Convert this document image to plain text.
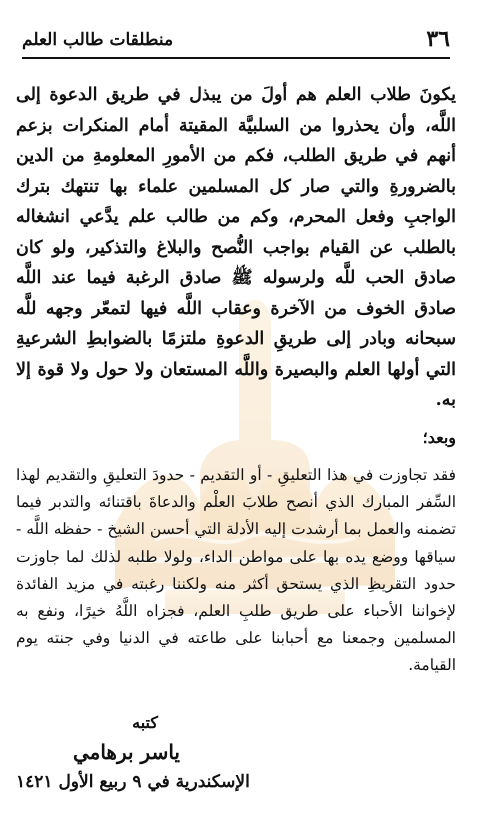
منطلقات طالب العلم	٣٦

يكونَ طلاب العلم هم أولَ من يبذل في طريق الدعوة إلى اللَّه، وأن يحذروا من السلبيَّة المقيتة أمام المنكرات بزعم أنهم في طريق الطلب، فكم من الأمورِ المعلومةِ من الدين بالضرورةِ والتي صار كل المسلمين علماء بها تنتهك بترك الواجبِ وفعل المحرم، وكم من طالب علم يدَّعي انشغاله بالطلب عن القيام بواجب النُّصح والبلاغ والتذكير، ولو كان صادق الحب للَّه ولرسوله ﷺ صادق الرغبة فيما عند اللَّه صادق الخوف من الآخرة وعقاب اللَّه فيها لتمعّر وجهه للَّه سبحانه وبادر إلى طريقِ الدعوةِ ملتزمًا بالضوابطِ الشرعيةِ التي أولها العلم والبصيرة واللَّه المستعان ولا حول ولا قوة إلا به.

وبعد؛

فقد تجاوزت في هذا التعليقِ - أو التقديم - حدودَ التعليقِ والتقديم لهذا السِّفر المبارك الذي أنصح طلابَ العلْم والدعاةَ باقتنائه والتدبر فيما تضمنه والعمل بما أرشدت إليه الأدلة التي أحسن الشيخ - حفظه اللَّه - سياقها ووضع يده بها على مواطن الداء، ولولا طلبه لذلك لما جاوزت حدود التقريظِ الذي يستحق أكثر منه ولكننا رغبته في مزيد الفائدة لإخواننا الأحباء على طريق طلبِ العلم، فجزاه اللَّهُ خيرًا، ونفع به المسلمين وجمعنا مع أحبابنا على طاعته في الدنيا وفي جنته يوم القيامة.

كتبه
ياسر برهامي
الإسكندرية في ٩ ربيع الأول ١٤٢١
